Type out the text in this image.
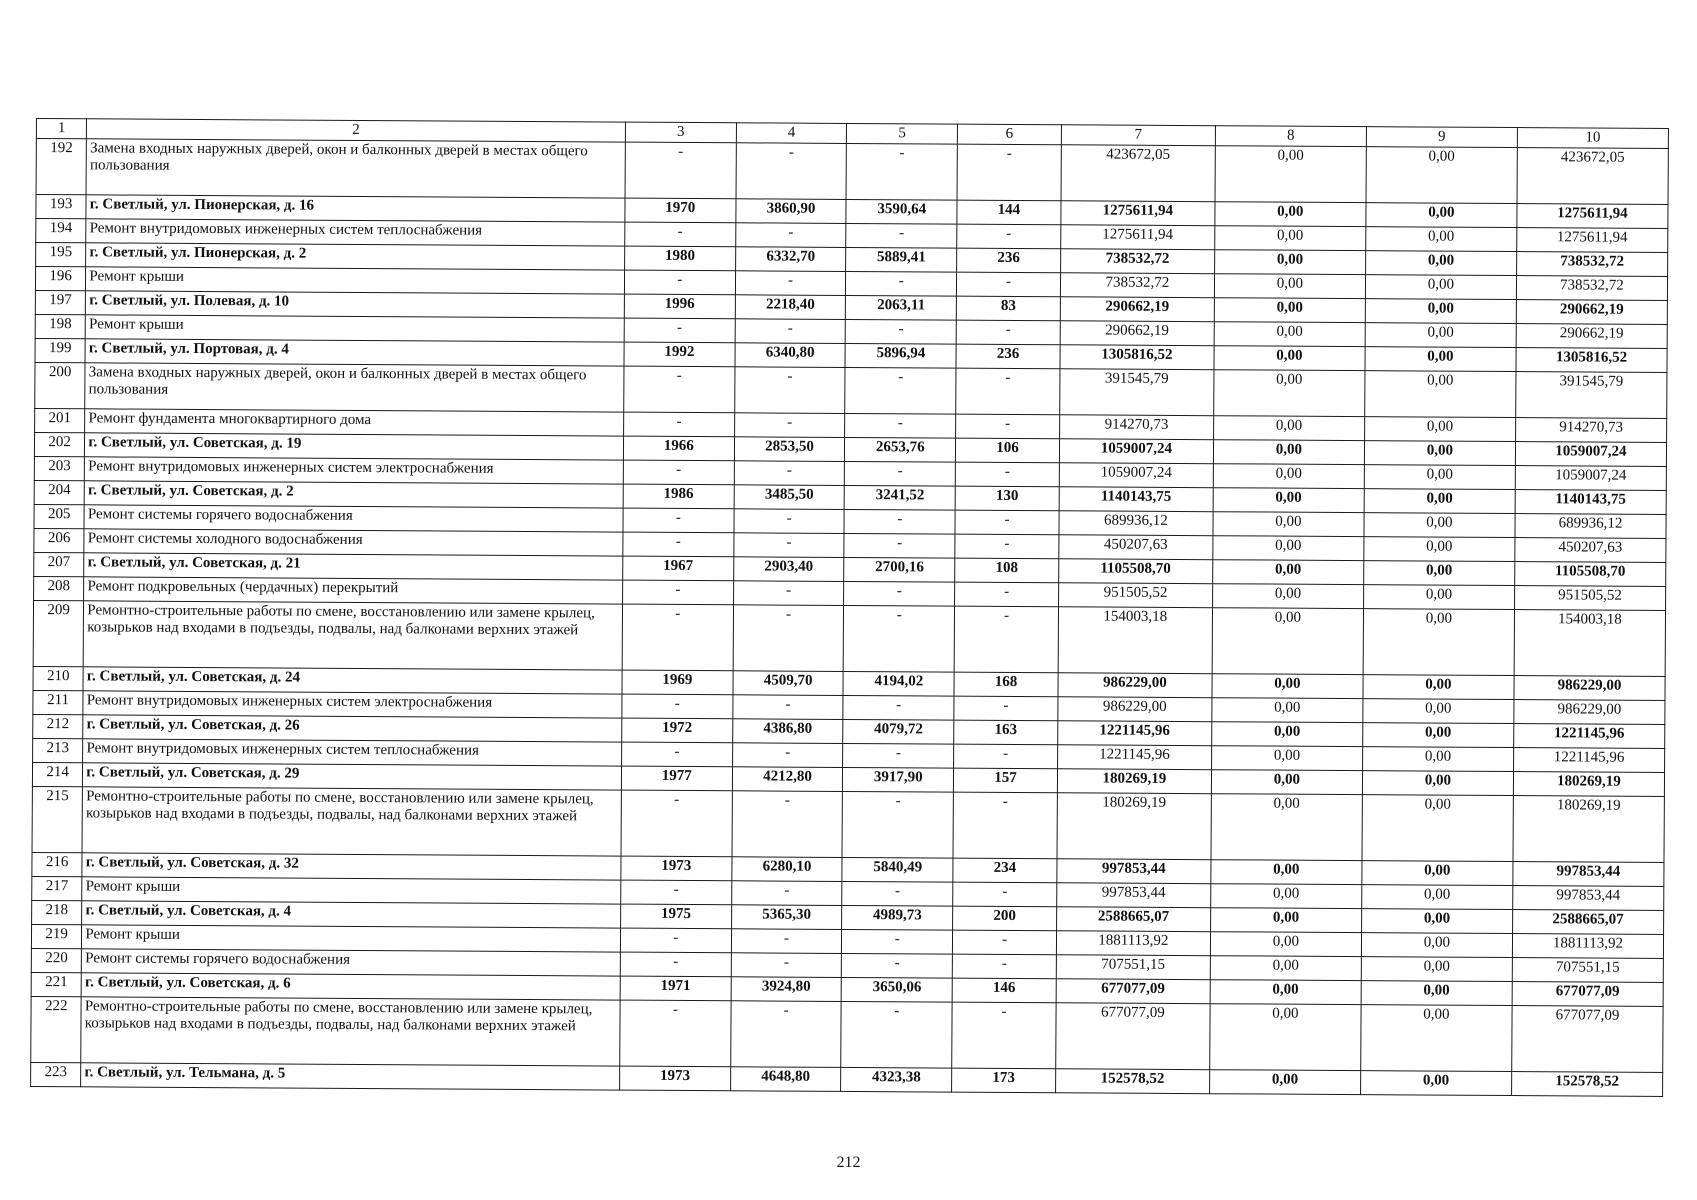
1	2	3	4	5	6	7	8	9	10
192	Замена входных наружных дверей, окон и балконных дверей в местах общего пользования	-	-	-	-	423672,05	0,00	0,00	423672,05
193	г. Светлый, ул. Пионерская, д. 16	1970	3860,90	3590,64	144	1275611,94	0,00	0,00	1275611,94
194	Ремонт внутридомовых инженерных систем теплоснабжения	-	-	-	-	1275611,94	0,00	0,00	1275611,94
195	г. Светлый, ул. Пионерская, д. 2	1980	6332,70	5889,41	236	738532,72	0,00	0,00	738532,72
196	Ремонт крыши	-	-	-	-	738532,72	0,00	0,00	738532,72
197	г. Светлый, ул. Полевая, д. 10	1996	2218,40	2063,11	83	290662,19	0,00	0,00	290662,19
198	Ремонт крыши	-	-	-	-	290662,19	0,00	0,00	290662,19
199	г. Светлый, ул. Портовая, д. 4	1992	6340,80	5896,94	236	1305816,52	0,00	0,00	1305816,52
200	Замена входных наружных дверей, окон и балконных дверей в местах общего пользования	-	-	-	-	391545,79	0,00	0,00	391545,79
201	Ремонт фундамента многоквартирного дома	-	-	-	-	914270,73	0,00	0,00	914270,73
202	г. Светлый, ул. Советская, д. 19	1966	2853,50	2653,76	106	1059007,24	0,00	0,00	1059007,24
203	Ремонт внутридомовых инженерных систем электроснабжения	-	-	-	-	1059007,24	0,00	0,00	1059007,24
204	г. Светлый, ул. Советская, д. 2	1986	3485,50	3241,52	130	1140143,75	0,00	0,00	1140143,75
205	Ремонт системы горячего водоснабжения	-	-	-	-	689936,12	0,00	0,00	689936,12
206	Ремонт системы холодного водоснабжения	-	-	-	-	450207,63	0,00	0,00	450207,63
207	г. Светлый, ул. Советская, д. 21	1967	2903,40	2700,16	108	1105508,70	0,00	0,00	1105508,70
208	Ремонт подкровельных (чердачных) перекрытий	-	-	-	-	951505,52	0,00	0,00	951505,52
209	Ремонтно-строительные работы по смене, восстановлению или замене крылец, козырьков над входами в подъезды, подвалы, над балконами верхних этажей	-	-	-	-	154003,18	0,00	0,00	154003,18
210	г. Светлый, ул. Советская, д. 24	1969	4509,70	4194,02	168	986229,00	0,00	0,00	986229,00
211	Ремонт внутридомовых инженерных систем электроснабжения	-	-	-	-	986229,00	0,00	0,00	986229,00
212	г. Светлый, ул. Советская, д. 26	1972	4386,80	4079,72	163	1221145,96	0,00	0,00	1221145,96
213	Ремонт внутридомовых инженерных систем теплоснабжения	-	-	-	-	1221145,96	0,00	0,00	1221145,96
214	г. Светлый, ул. Советская, д. 29	1977	4212,80	3917,90	157	180269,19	0,00	0,00	180269,19
215	Ремонтно-строительные работы по смене, восстановлению или замене крылец, козырьков над входами в подъезды, подвалы, над балконами верхних этажей	-	-	-	-	180269,19	0,00	0,00	180269,19
216	г. Светлый, ул. Советская, д. 32	1973	6280,10	5840,49	234	997853,44	0,00	0,00	997853,44
217	Ремонт крыши	-	-	-	-	997853,44	0,00	0,00	997853,44
218	г. Светлый, ул. Советская, д. 4	1975	5365,30	4989,73	200	2588665,07	0,00	0,00	2588665,07
219	Ремонт крыши	-	-	-	-	1881113,92	0,00	0,00	1881113,92
220	Ремонт системы горячего водоснабжения	-	-	-	-	707551,15	0,00	0,00	707551,15
221	г. Светлый, ул. Советская, д. 6	1971	3924,80	3650,06	146	677077,09	0,00	0,00	677077,09
222	Ремонтно-строительные работы по смене, восстановлению или замене крылец, козырьков над входами в подъезды, подвалы, над балконами верхних этажей	-	-	-	-	677077,09	0,00	0,00	677077,09
223	г. Светлый, ул. Тельмана, д. 5	1973	4648,80	4323,38	173	152578,52	0,00	0,00	152578,52
212
